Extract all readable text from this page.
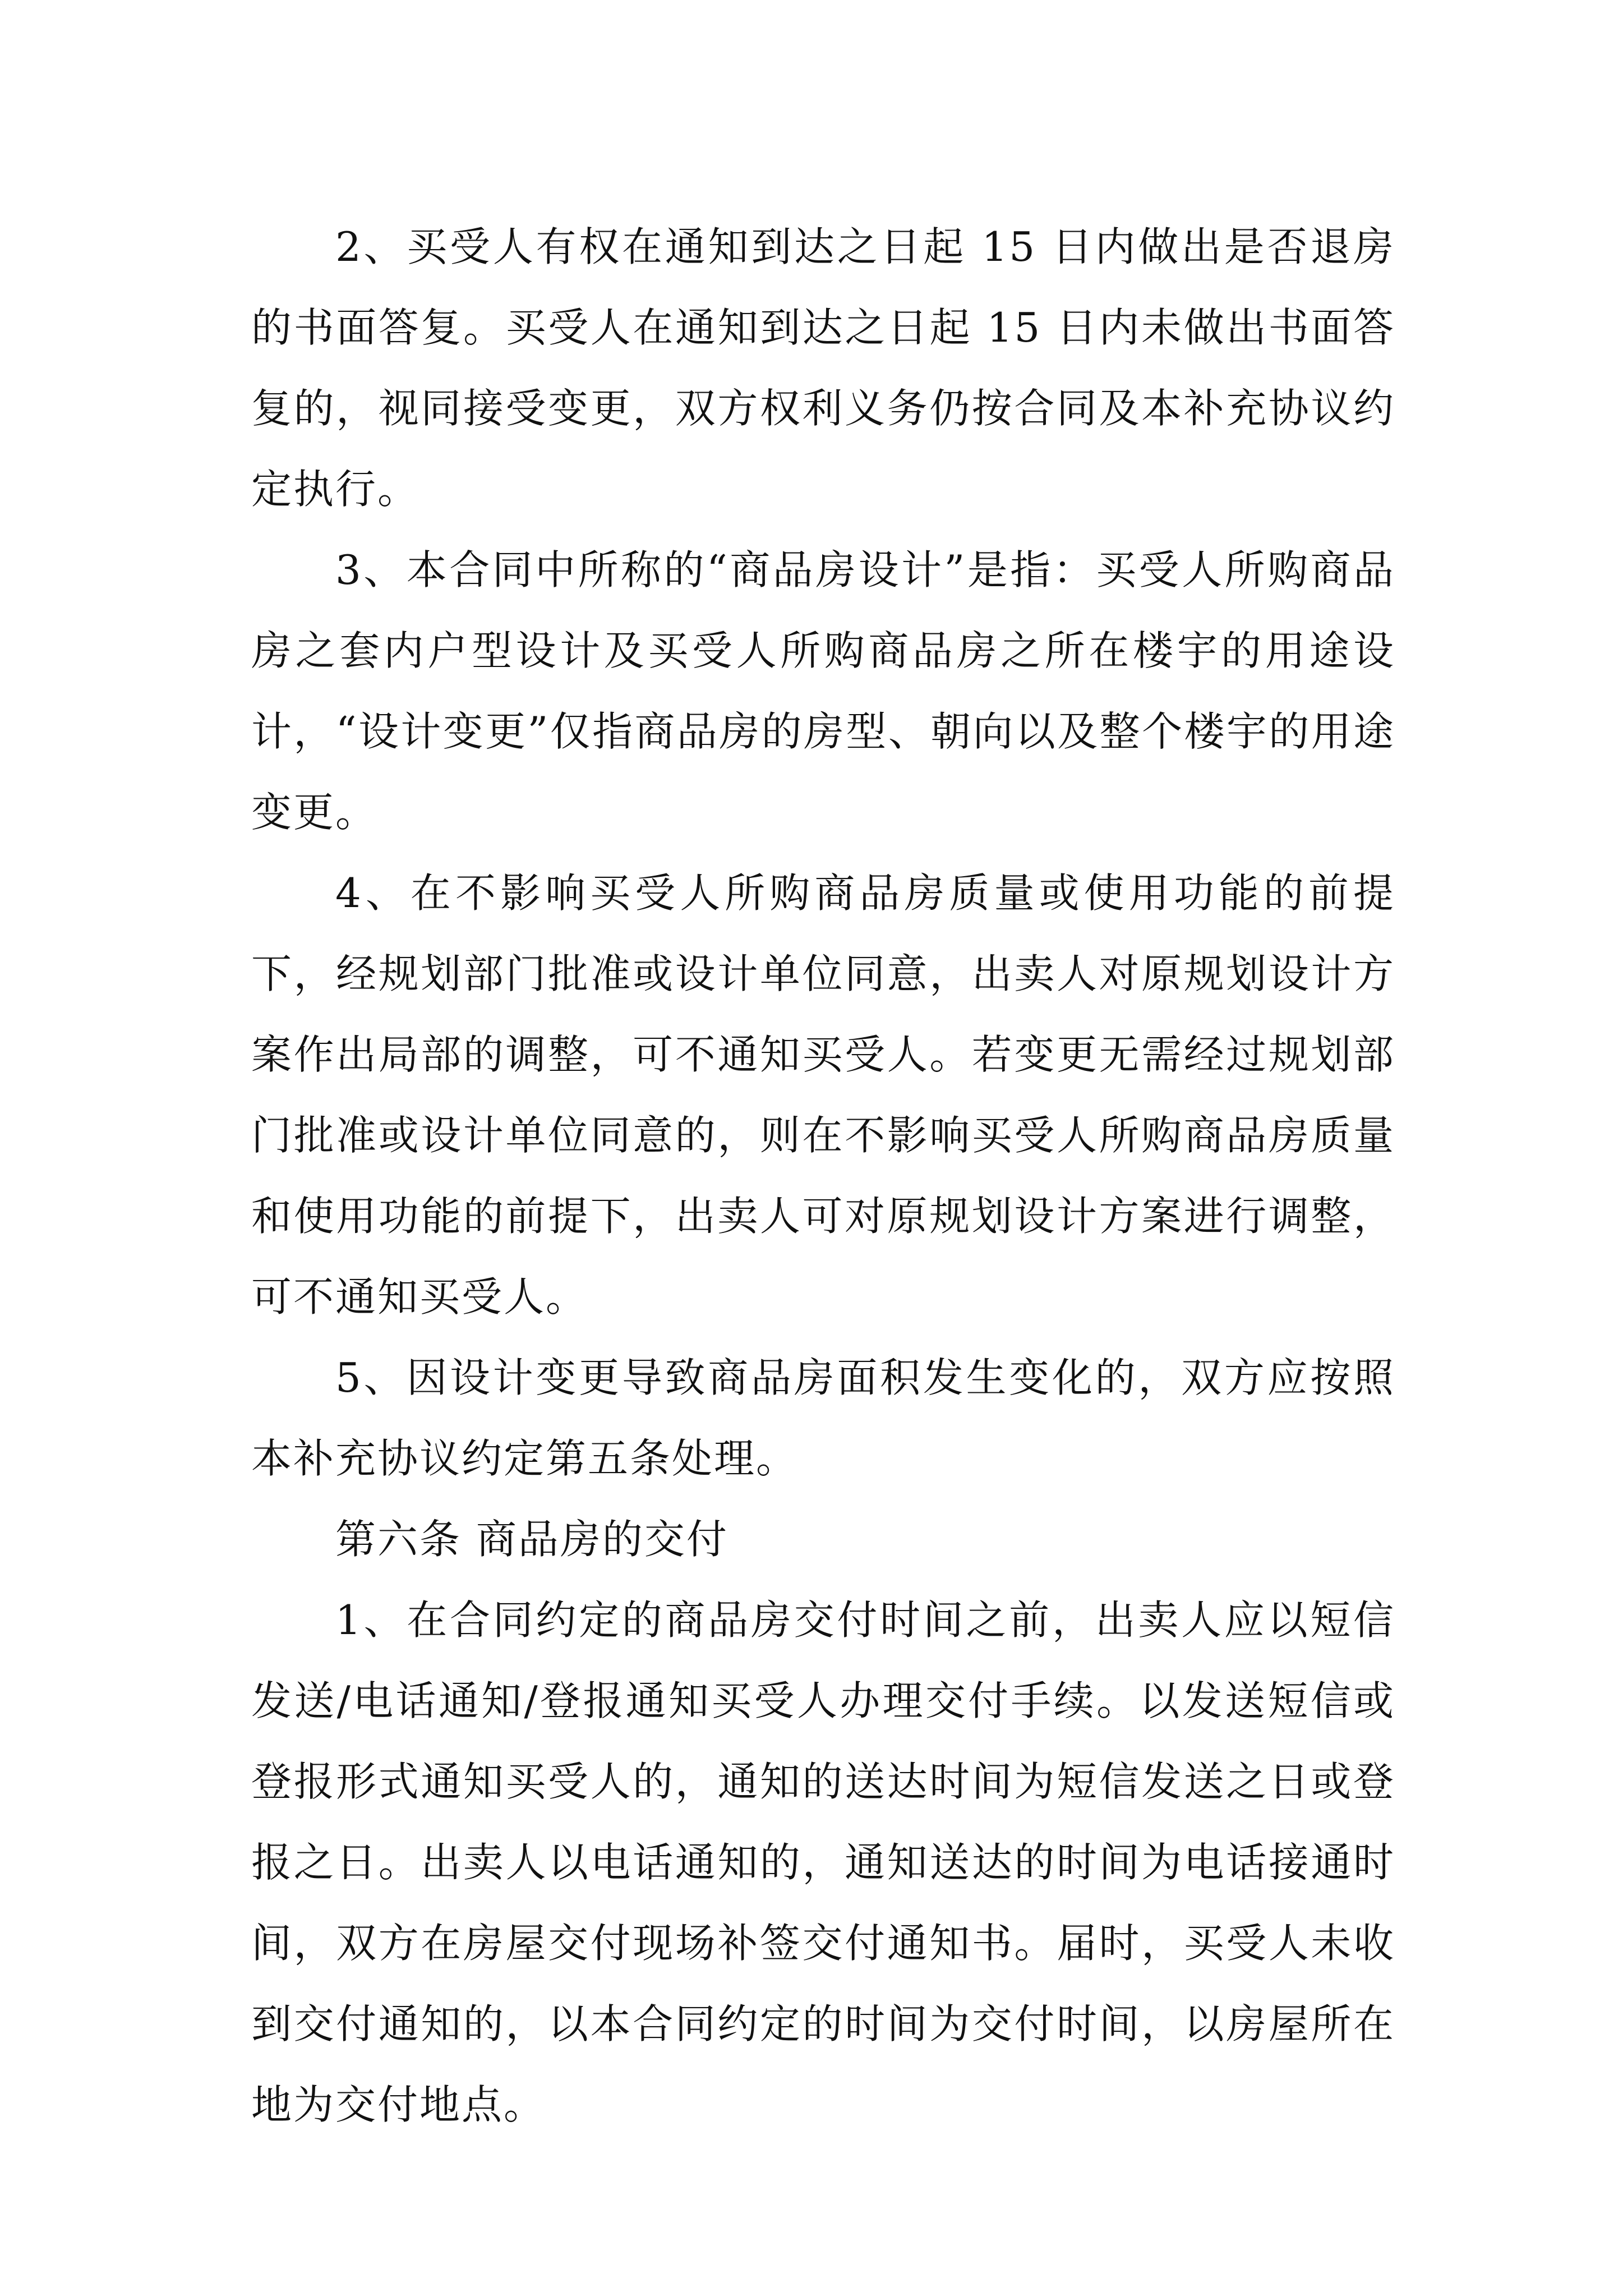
2、买受人有权在通知到达之日起 15 日内做出是否退房的书面答复。买受人在通知到达之日起 15 日内未做出书面答复的，视同接受变更，双方权利义务仍按合同及本补充协议约定执行。

3、本合同中所称的“商品房设计”是指：买受人所购商品房之套内户型设计及买受人所购商品房之所在楼宇的用途设计，“设计变更”仅指商品房的房型、朝向以及整个楼宇的用途变更。

4、在不影响买受人所购商品房质量或使用功能的前提下，经规划部门批准或设计单位同意，出卖人对原规划设计方案作出局部的调整，可不通知买受人。若变更无需经过规划部门批准或设计单位同意的，则在不影响买受人所购商品房质量和使用功能的前提下，出卖人可对原规划设计方案进行调整，可不通知买受人。

5、因设计变更导致商品房面积发生变化的，双方应按照本补充协议约定第五条处理。

第六条 商品房的交付

1、在合同约定的商品房交付时间之前，出卖人应以短信发送/电话通知/登报通知买受人办理交付手续。以发送短信或登报形式通知买受人的，通知的送达时间为短信发送之日或登报之日。出卖人以电话通知的，通知送达的时间为电话接通时间，双方在房屋交付现场补签交付通知书。届时，买受人未收到交付通知的，以本合同约定的时间为交付时间，以房屋所在地为交付地点。
